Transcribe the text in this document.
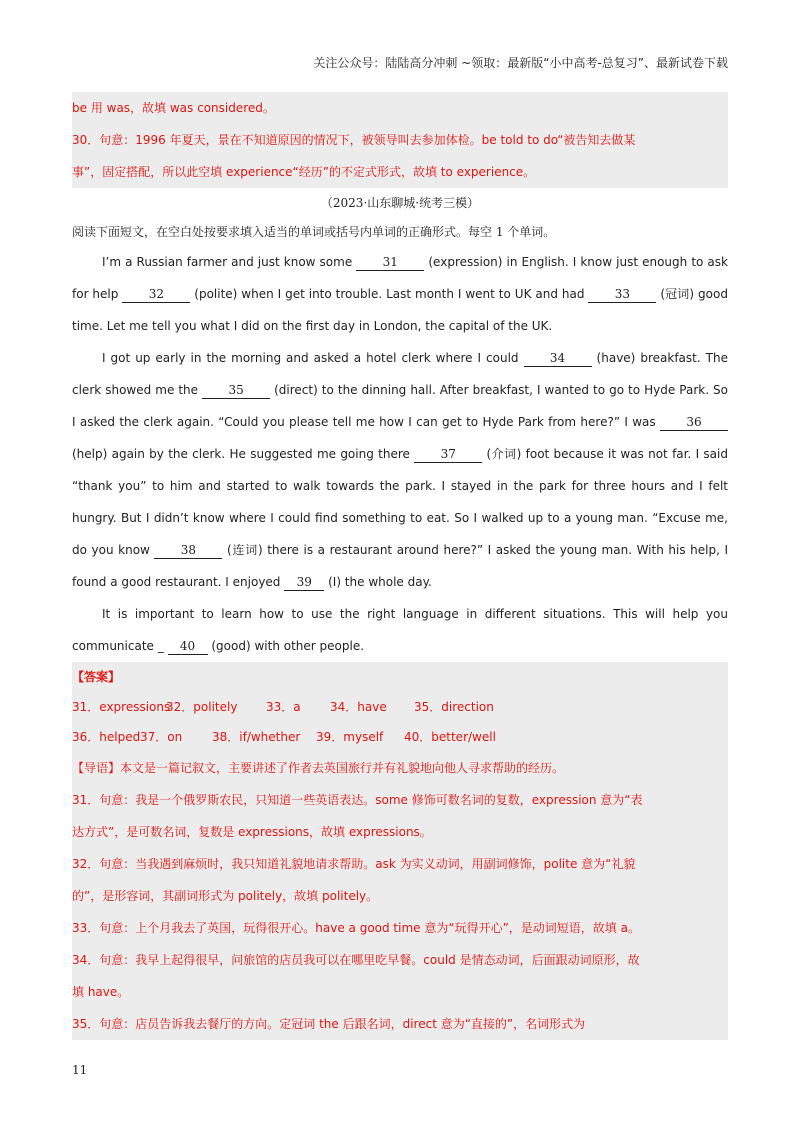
关注公众号：陆陆高分冲刺 ~领取：最新版“小中高考-总复习”、最新试卷下载
be 用 was，故填 was considered。
30．句意：1996 年夏天，景在不知道原因的情况下，被领导叫去参加体检。be told to do“被告知去做某
事”，固定搭配，所以此空填 experience“经历”的不定式形式，故填 to experience。
（2023·山东聊城·统考三模）
阅读下面短文，在空白处按要求填入适当的单词或括号内单词的正确形式。每空 1 个单词。

I’m a Russian farmer and just know some	31	(expression) in English. I know just enough to ask for help	32	(polite) when I get into trouble. Last month I went to UK and had	33	(冠词) good time. Let me tell you what I did on the first day in London, the capital of the UK.

I got up early in the morning and asked a hotel clerk where I could	34	(have) breakfast. The clerk showed me the	35	(direct) to the dinning hall. After breakfast, I wanted to go to Hyde Park. So I asked the clerk again. “Could you please tell me how I can get to Hyde Park from here?” I was	36 (help) again by the clerk. He suggested me going there	37	(介词) foot because it was not far. I said “thank you” to him and started to walk towards the park. I stayed in the park for three hours and I felt hungry. But I didn’t know where I could find something to eat. So I walked up to a young man. “Excuse me, do you know	38	(连词) there is a restaurant around here?” I asked the young man. With his help, I found a good restaurant. I enjoyed 39 (I) the whole day.

It is important to learn how to use the right language in different situations. This will help you communicate _ 40 (good) with other people.

【答案】
31．expressions32．politely 33．a 34．have 35．direction
36．helped37．on 38．if/whether 39．myself 40．better/well
【导语】本文是一篇记叙文，主要讲述了作者去英国旅行并有礼貌地向他人寻求帮助的经历。
31．句意：我是一个俄罗斯农民，只知道一些英语表达。some 修饰可数名词的复数，expression 意为“表
达方式”，是可数名词，复数是 expressions，故填 expressions。
32．句意：当我遇到麻烦时，我只知道礼貌地请求帮助。ask 为实义动词，用副词修饰，polite 意为“礼貌
的”，是形容词，其副词形式为 politely，故填 politely。
33．句意：上个月我去了英国，玩得很开心。have a good time 意为“玩得开心”，是动词短语，故填 a。
34．句意：我早上起得很早，问旅馆的店员我可以在哪里吃早餐。could 是情态动词，后面跟动词原形，故
填 have。
35．句意：店员告诉我去餐厅的方向。定冠词 the 后跟名词，direct 意为“直接的”，名词形式为
11
